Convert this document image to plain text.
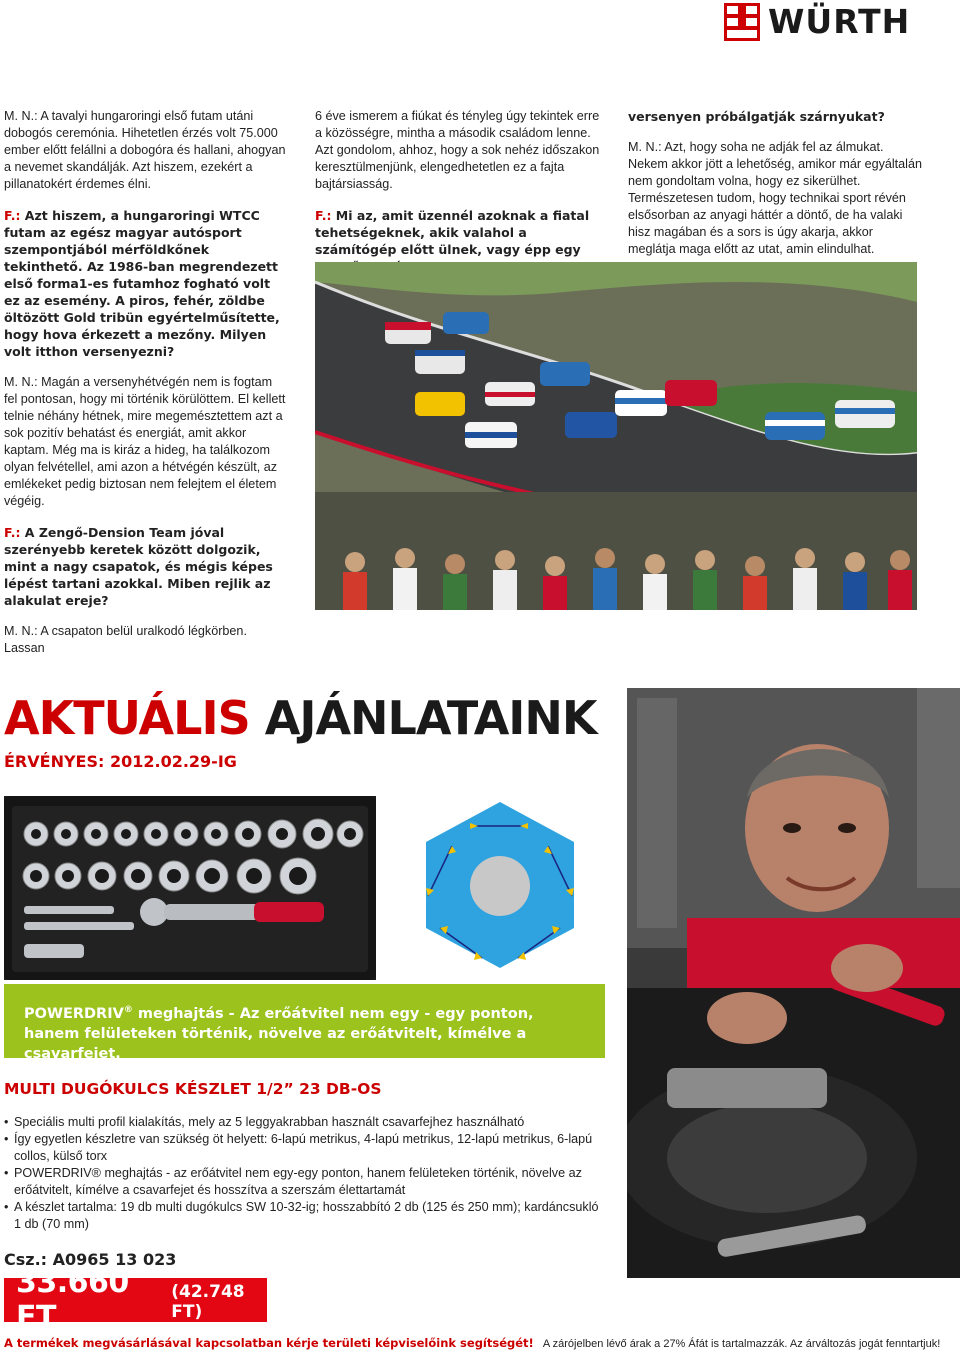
WÜRTH

M. N.: A tavalyi hungaroringi első futam utáni dobogós ceremónia. Hihetetlen érzés volt 75.000 ember előtt felállni a dobogóra és hallani, ahogyan a nevemet skandálják. Azt hiszem, ezekért a pillanatokért érdemes élni.

F.: Azt hiszem, a hungaroringi WTCC futam az egész magyar autósport szempontjából mérföldkőnek tekinthető. Az 1986-ban megrendezett első forma1-es futamhoz fogható volt ez az esemény. A piros, fehér, zöldbe öltözött Gold tribün egyértelműsítette, hogy hova érkezett a mezőny. Milyen volt itthon versenyezni?

M. N.: Magán a versenyhétvégén nem is fogtam fel pontosan, hogy mi történik körülöttem. El kellett telnie néhány hétnek, mire megemésztettem azt a sok pozitív behatást és energiát, amit akkor kaptam. Még ma is kiráz a hideg, ha találkozom olyan felvétellel, ami azon a hétvégén készült, az emlékeket pedig biztosan nem felejtem el életem végéig.

F.: A Zengő-Dension Team jóval szerényebb keretek között dolgozik, mint a nagy csapatok, és mégis képes lépést tartani azokkal. Miben rejlik az alakulat ereje?

M. N.: A csapaton belül uralkodó légkörben. Lassan

6 éve ismerem a fiúkat és tényleg úgy tekintek erre a közösségre, mintha a második családom lenne. Azt gondolom, ahhoz, hogy a sok nehéz időszakon keresztülmenjünk, elengedhetetlen ez a fajta bajtársiasság.

F.: Mi az, amit üzennél azoknak a fiatal tehetségeknek, akik valahol a számítógép előtt ülnek, vagy épp egy

versenyen próbálgatják szárnyukat?

M. N.: Azt, hogy soha ne adják fel az álmukat. Nekem akkor jött a lehetőség, amikor már egyáltalán nem gondoltam volna, hogy ez sikerülhet. Természetesen tudom, hogy technikai sport révén elsősorban az anyagi háttér a döntő, de ha valaki hisz magában és a sors is úgy akarja, akkor meglátja maga előtt az utat, amin elindulhat.

AKTUÁLIS AJÁNLATAINK
ÉRVÉNYES: 2012.02.29-IG
POWERDRIV® meghajtás - Az erőátvitel nem egy - egy ponton, hanem felületeken történik, növelve az erőátvitelt, kímélve a csavarfejet.
MULTI DUGÓKULCS KÉSZLET 1/2” 23 DB-OS
• Speciális multi profil kialakítás, mely az 5 leggyakrabban használt csavarfejhez használható
• Így egyetlen készletre van szükség öt helyett: 6-lapú metrikus, 4-lapú metrikus, 12-lapú metrikus, 6-lapú collos, külső torx
• POWERDRIV® meghajtás - az erőátvitel nem egy-egy ponton, hanem felületeken történik, növelve az erőátvitelt, kímélve a csavarfejet és hosszítva a szerszám élettartamát
• A készlet tartalma: 19 db multi dugókulcs SW 10-32-ig; hosszabbító 2 db (125 és 250 mm); kardáncsukló 1 db (70 mm)
Csz.: A0965 13 023
33.660 FT
(42.748 FT)
A termékek megvásárlásával kapcsolatban kérje területi képviselőink segítségét! A zárójelben lévő árak a 27% Áfát is tartalmazzák. Az árváltozás jogát fenntartjuk!
